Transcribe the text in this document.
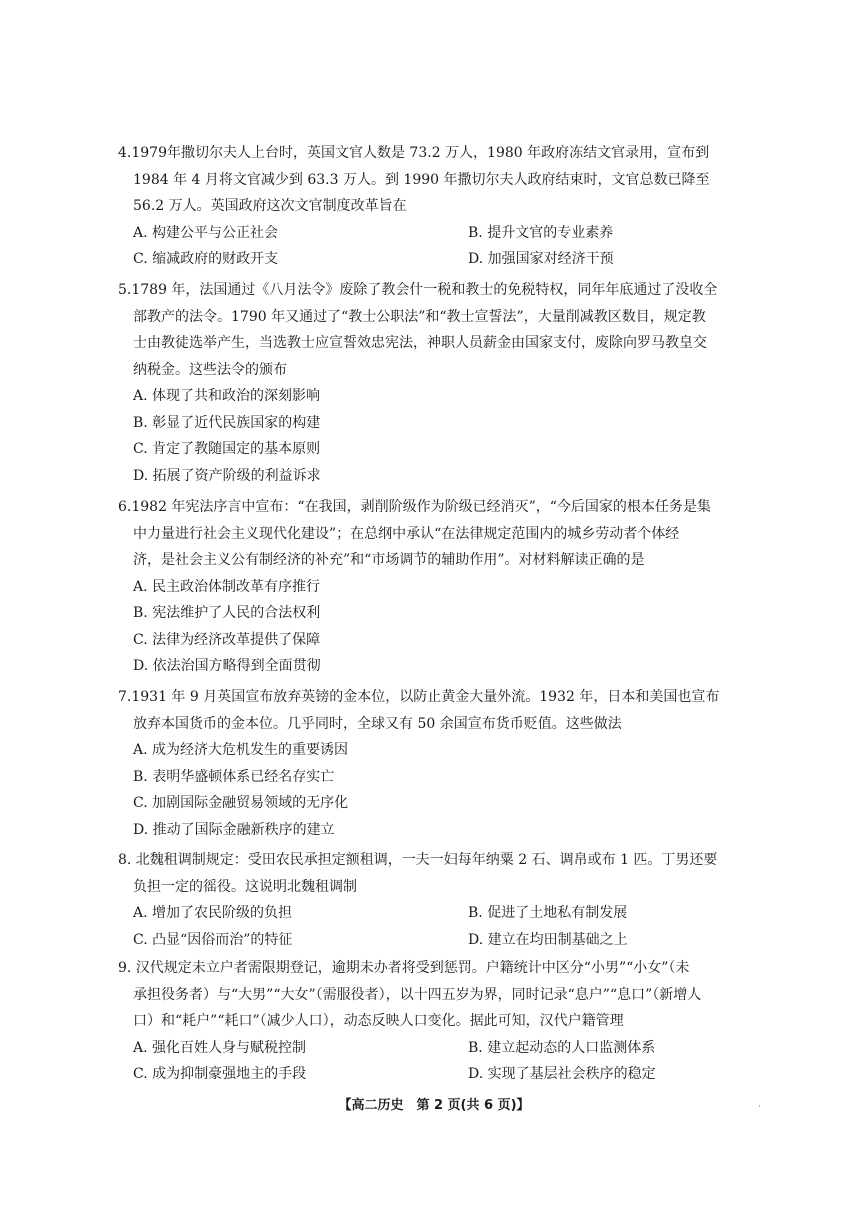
4.1979年撒切尔夫人上台时，英国文官人数是 73.2 万人，1980 年政府冻结文官录用，宣布到
1984 年 4 月将文官减少到 63.3 万人。到 1990 年撒切尔夫人政府结束时，文官总数已降至
56.2 万人。英国政府这次文官制度改革旨在
A. 构建公平与公正社会	B. 提升文官的专业素养
C. 缩减政府的财政开支	D. 加强国家对经济干预
5.1789 年，法国通过《八月法令》废除了教会什一税和教士的免税特权，同年年底通过了没收全
部教产的法令。1790 年又通过了“教士公职法”和“教士宣誓法”，大量削减教区数目，规定教
士由教徒选举产生，当选教士应宣誓效忠宪法，神职人员薪金由国家支付，废除向罗马教皇交
纳税金。这些法令的颁布
A. 体现了共和政治的深刻影响
B. 彰显了近代民族国家的构建
C. 肯定了教随国定的基本原则
D. 拓展了资产阶级的利益诉求
6.1982 年宪法序言中宣布：“在我国，剥削阶级作为阶级已经消灭”，“今后国家的根本任务是集
中力量进行社会主义现代化建设”；在总纲中承认“在法律规定范围内的城乡劳动者个体经
济，是社会主义公有制经济的补充”和“市场调节的辅助作用”。对材料解读正确的是
A. 民主政治体制改革有序推行
B. 宪法维护了人民的合法权利
C. 法律为经济改革提供了保障
D. 依法治国方略得到全面贯彻
7.1931 年 9 月英国宣布放弃英镑的金本位，以防止黄金大量外流。1932 年，日本和美国也宣布
放弃本国货币的金本位。几乎同时，全球又有 50 余国宣布货币贬值。这些做法
A. 成为经济大危机发生的重要诱因
B. 表明华盛顿体系已经名存实亡
C. 加剧国际金融贸易领域的无序化
D. 推动了国际金融新秩序的建立
8. 北魏租调制规定：受田农民承担定额租调，一夫一妇每年纳粟 2 石、调帛或布 1 匹。丁男还要
负担一定的徭役。这说明北魏租调制
A. 增加了农民阶级的负担	B. 促进了土地私有制发展
C. 凸显“因俗而治”的特征	D. 建立在均田制基础之上
9. 汉代规定未立户者需限期登记，逾期未办者将受到惩罚。户籍统计中区分“小男”“小女”（未
承担役务者）与“大男”“大女”（需服役者），以十四五岁为界，同时记录“息户”“息口”（新增人
口）和“耗户”“耗口”（减少人口），动态反映人口变化。据此可知，汉代户籍管理
A. 强化百姓人身与赋税控制	B. 建立起动态的人口监测体系
C. 成为抑制豪强地主的手段	D. 实现了基层社会秩序的稳定
【高二历史　第 2 页(共 6 页)】	·
